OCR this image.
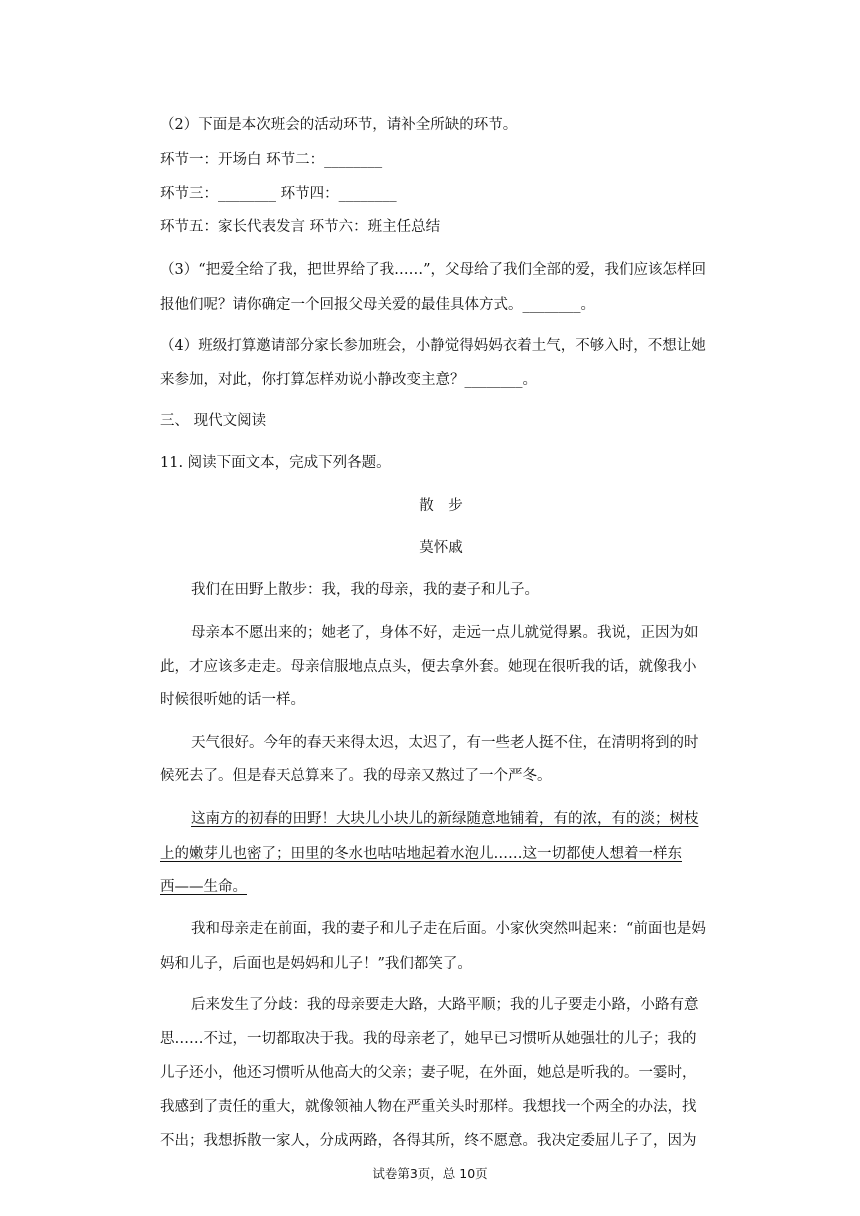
（2）下面是本次班会的活动环节，请补全所缺的环节。
环节一：开场白 环节二：________
环节三：________ 环节四：________
环节五：家长代表发言 环节六：班主任总结
（3）“把爱全给了我，把世界给了我……”，父母给了我们全部的爱，我们应该怎样回
报他们呢？请你确定一个回报父母关爱的最佳具体方式。________。
（4）班级打算邀请部分家长参加班会，小静觉得妈妈衣着土气，不够入时，不想让她
来参加，对此，你打算怎样劝说小静改变主意？________。
三、 现代文阅读
11. 阅读下面文本，完成下列各题。
散　步
莫怀戚
我们在田野上散步：我，我的母亲，我的妻子和儿子。
母亲本不愿出来的；她老了，身体不好，走远一点儿就觉得累。我说，正因为如
此，才应该多走走。母亲信服地点点头，便去拿外套。她现在很听我的话，就像我小
时候很听她的话一样。
天气很好。今年的春天来得太迟，太迟了，有一些老人挺不住，在清明将到的时
候死去了。但是春天总算来了。我的母亲又熬过了一个严冬。
这南方的初春的田野！大块儿小块儿的新绿随意地铺着，有的浓，有的淡；树枝
上的嫩芽儿也密了；田里的冬水也咕咕地起着水泡儿……这一切都使人想着一样东
西——生命。
我和母亲走在前面，我的妻子和儿子走在后面。小家伙突然叫起来：“前面也是妈
妈和儿子，后面也是妈妈和儿子！”我们都笑了。
后来发生了分歧：我的母亲要走大路，大路平顺；我的儿子要走小路，小路有意
思……不过，一切都取决于我。我的母亲老了，她早已习惯听从她强壮的儿子；我的
儿子还小，他还习惯听从他高大的父亲；妻子呢，在外面，她总是听我的。一霎时，
我感到了责任的重大，就像领袖人物在严重关头时那样。我想找一个两全的办法，找
不出；我想拆散一家人，分成两路，各得其所，终不愿意。我决定委屈儿子了，因为
试卷第3页，总 10页
